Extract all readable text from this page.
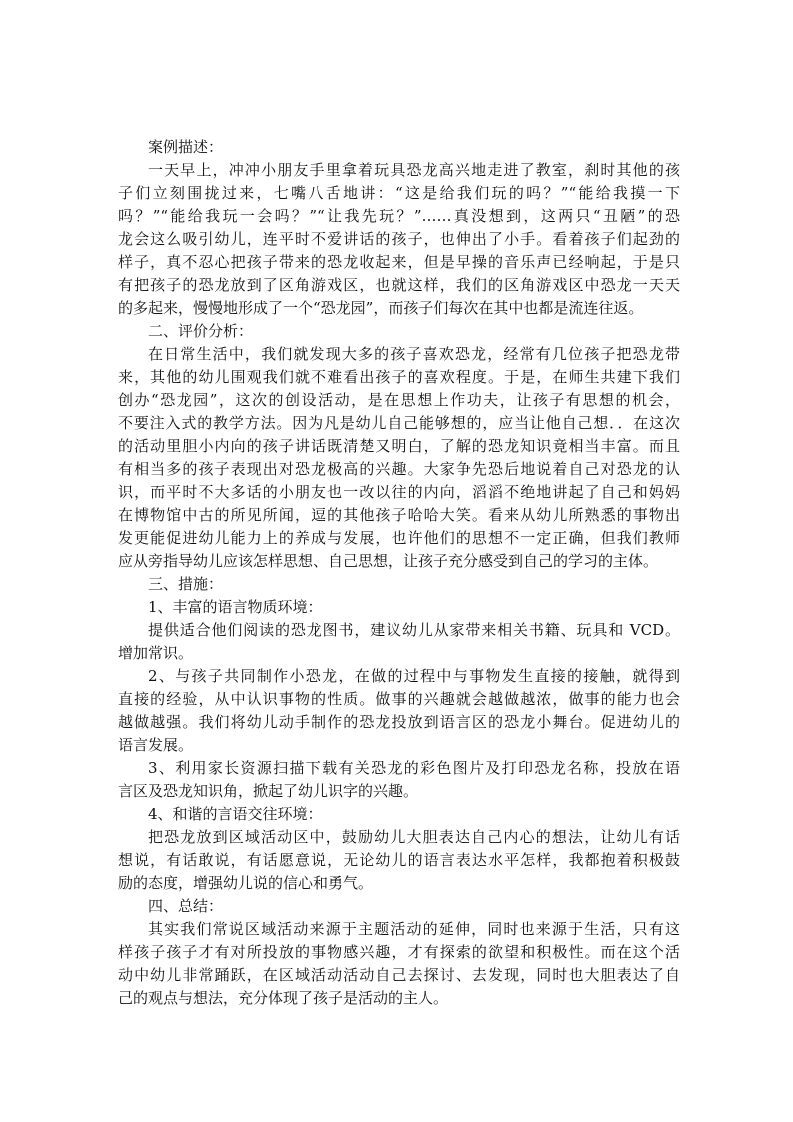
案例描述：
一天早上，冲冲小朋友手里拿着玩具恐龙高兴地走进了教室，刹时其他的孩
子们立刻围拢过来，七嘴八舌地讲：“这是给我们玩的吗？”“能给我摸一下
吗？”“能给我玩一会吗？”“让我先玩？”……真没想到，这两只“丑陋”的恐
龙会这么吸引幼儿，连平时不爱讲话的孩子，也伸出了小手。看着孩子们起劲的
样子，真不忍心把孩子带来的恐龙收起来，但是早操的音乐声已经响起，于是只
有把孩子的恐龙放到了区角游戏区，也就这样，我们的区角游戏区中恐龙一天天
的多起来，慢慢地形成了一个“恐龙园”，而孩子们每次在其中也都是流连往返。
二、评价分析：
在日常生活中，我们就发现大多的孩子喜欢恐龙，经常有几位孩子把恐龙带
来，其他的幼儿围观我们就不难看出孩子的喜欢程度。于是，在师生共建下我们
创办“恐龙园”，这次的创设活动，是在思想上作功夫，让孩子有思想的机会，
不要注入式的教学方法。因为凡是幼儿自己能够想的，应当让他自己想．．在这次
的活动里胆小内向的孩子讲话既清楚又明白，了解的恐龙知识竟相当丰富。而且
有相当多的孩子表现出对恐龙极高的兴趣。大家争先恐后地说着自己对恐龙的认
识，而平时不大多话的小朋友也一改以往的内向，滔滔不绝地讲起了自己和妈妈
在博物馆中古的所见所闻，逗的其他孩子哈哈大笑。看来从幼儿所熟悉的事物出
发更能促进幼儿能力上的养成与发展，也许他们的思想不一定正确，但我们教师
应从旁指导幼儿应该怎样思想、自己思想，让孩子充分感受到自己的学习的主体。
三、措施：
1、丰富的语言物质环境：
提供适合他们阅读的恐龙图书，建议幼儿从家带来相关书籍、玩具和 VCD。
增加常识。
2、与孩子共同制作小恐龙，在做的过程中与事物发生直接的接触，就得到
直接的经验，从中认识事物的性质。做事的兴趣就会越做越浓，做事的能力也会
越做越强。我们将幼儿动手制作的恐龙投放到语言区的恐龙小舞台。促进幼儿的
语言发展。
3、利用家长资源扫描下载有关恐龙的彩色图片及打印恐龙名称，投放在语
言区及恐龙知识角，掀起了幼儿识字的兴趣。
4、和谐的言语交往环境：
把恐龙放到区域活动区中，鼓励幼儿大胆表达自己内心的想法，让幼儿有话
想说，有话敢说，有话愿意说，无论幼儿的语言表达水平怎样，我都抱着积极鼓
励的态度，增强幼儿说的信心和勇气。
四、总结：
其实我们常说区域活动来源于主题活动的延伸，同时也来源于生活，只有这
样孩子孩子才有对所投放的事物感兴趣，才有探索的欲望和积极性。而在这个活
动中幼儿非常踊跃，在区域活动活动自己去探讨、去发现，同时也大胆表达了自
己的观点与想法，充分体现了孩子是活动的主人。
